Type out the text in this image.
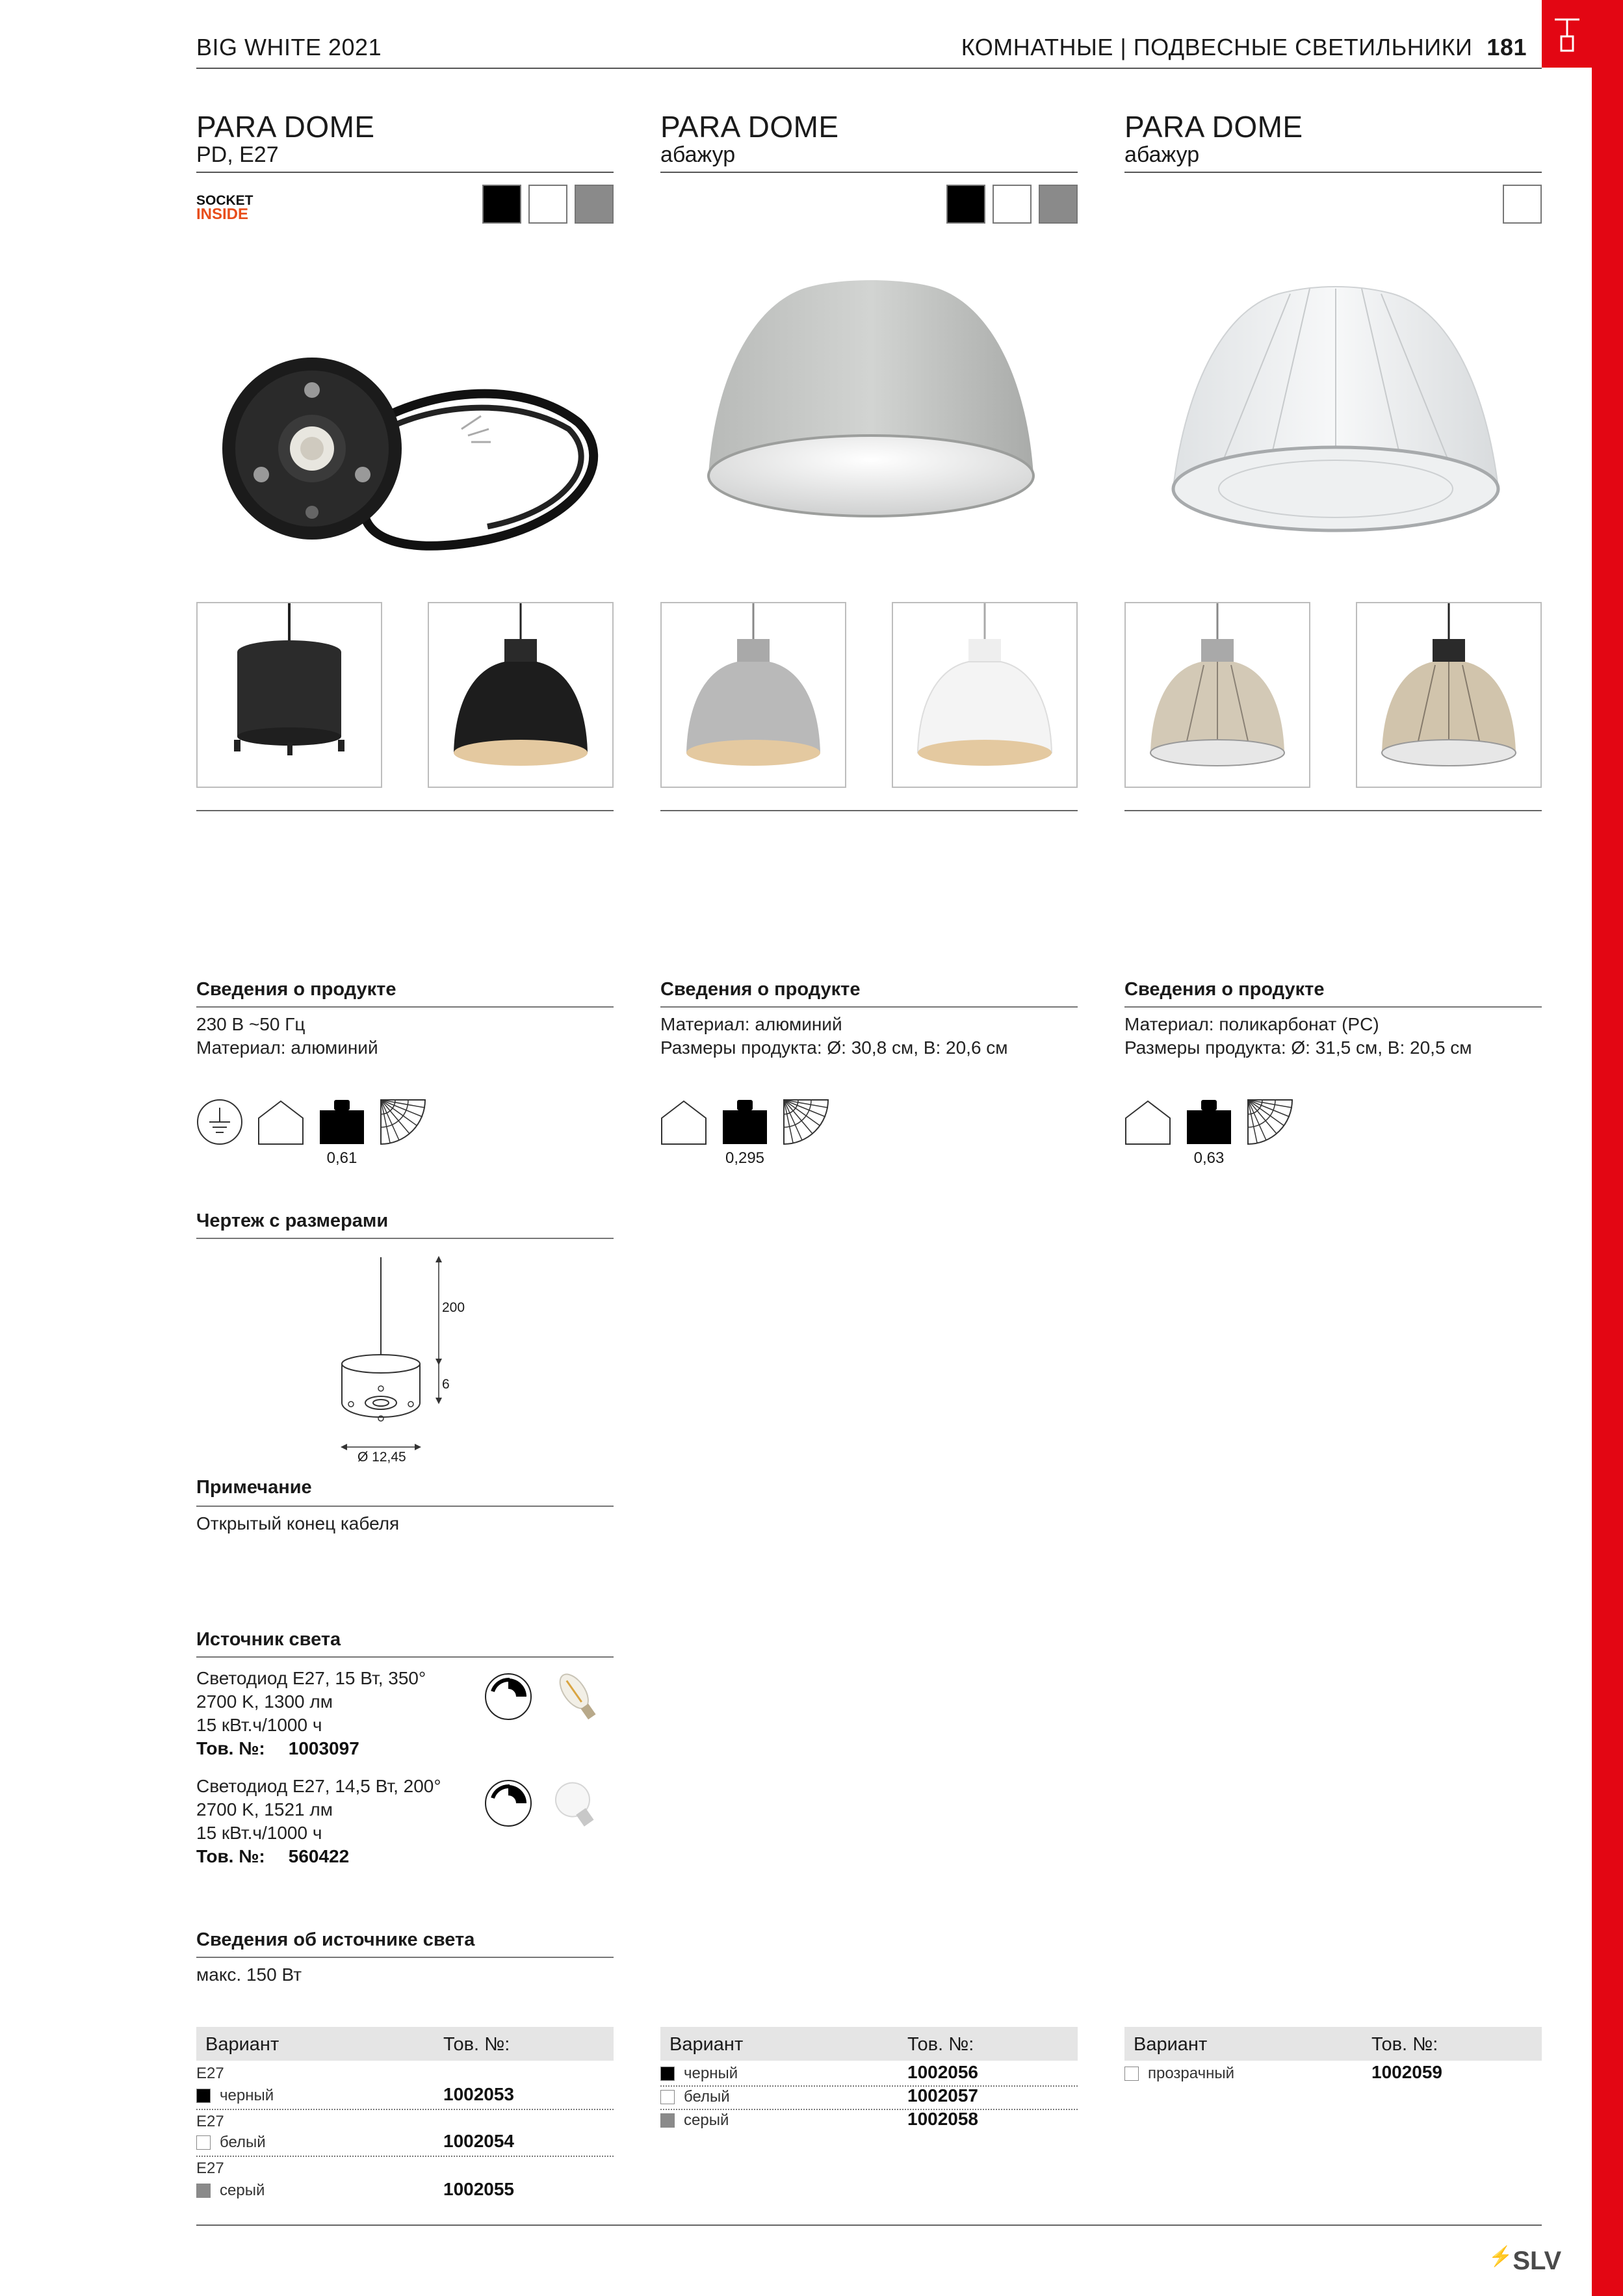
BIG WHITE 2021	КОМНАТНЫЕ | ПОДВЕСНЫЕ СВЕТИЛЬНИКИ 181
PARA DOME
PD, E27
SOCKET
INSIDE
PARA DOME
абажур
PARA DOME
абажур
Сведения о продукте
230 В ~50 Гц
Материал: алюминий
0,61
Сведения о продукте
Материал: алюминий
Размеры продукта: Ø: 30,8 см, В: 20,6 см
0,295
Сведения о продукте
Материал: поликарбонат (PC)
Размеры продукта: Ø: 31,5 см, В: 20,5 см
0,63
Чертеж с размерами
200
6
Ø 12,45
Примечание
Открытый конец кабеля
Источник света
Светодиод E27, 15 Вт, 350°
2700 K, 1300 лм
15 кВт.ч/1000 ч
Тов. №: 1003097
Светодиод E27, 14,5 Вт, 200°
2700 K, 1521 лм
15 кВт.ч/1000 ч
Тов. №: 560422
Сведения об источнике света
макс. 150 Вт
Вариант	Тов. №:
E27
черный	1002053
E27
белый	1002054
E27
серый	1002055
Вариант	Тов. №:
черный	1002056
белый	1002057
серый	1002058
Вариант	Тов. №:
прозрачный	1002059
⚡SLV
